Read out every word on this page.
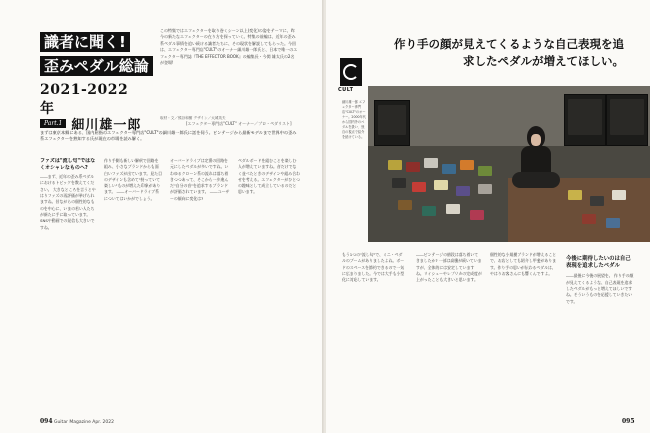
識者に聞く!
歪みペダル総論
2021-2022 年
この特集ではエフェクターを取り巻くシーン以上(変化)の姿をテーマに、昨今の新たなエフェクターの在り方を探っていく。特集の前編は、近年の歪み系ペダル事情を追い続ける識者たちに、その現状を解説してもらった。今回は、エフェクター専門店"CULT"のオーナー細川雄一郎氏と、日本で唯一のエフェクター専門誌『THE EFFECTOR BOOK』の編集長・今関 雄太氏の2名が登場!
取材・文／熊谷和樹 デザイン／大城英夫
Part.1 細川雄一郎	[エフェクター専門店"CULT" オーナー／プロ・ペダリスト]
まずは東京本郷にある、国内屈指のエフェクター専門店"CULT"の細川雄一郎氏に話を伺う。ビンテージから最新モデルまで世界中の歪み系エフェクターを熟知する氏が現在の市場を読み解く。
ファズは"流し匂"ではなくオシャレなものへ?

――まず、近年の歪み系ペダルにおけるトピックを教えてください。 大きなところを言うとやはりファズの再評価が挙げられますね。昔ながらの個性的なものを中心に、いまの若い人たちが新たに手に取っています。SNSや動画での発信も大きいですね。

作り手側も新しい解釈で回路を組み、小さなブランドからも面白いファズが出ています。見た目のデザインも含めて"持っていて楽しい"ものが増えた印象があります。 ――オーバードライブ系についてはいかがでしょう。

オーバードライブは定番の回路を元にしたペダルが多いですね。いわゆるクローン系の流れは落ち着きつつあって、そこから一歩進んだ"自分の音"を追求するブランドが評価されています。 ――ユーザーの傾向に変化は?

ペダルボードを組むことを楽しむ人が増えていますね。音だけでなく並べたときのデザインや組み合わせを考える。エフェクターがひとつの趣味として成立しているのだと思います。

094 Guitar Magazine Apr. 2022
作り手の顔が見えてくるような自己表現を追求したペダルが増えてほしい。
CULT
細川雄一郎 エフェクター専門店"CULT"のオーナー。2000年代から国内外のペダルを扱い、独自の視点で紹介を続けている。

もう1つの"流し匂"で、ミニ・ペダルのブームがありましたよね。ボードのスペースを節約できるので一気に広まりました。今では大手も小型化に対応しています。

――ビンテージの値段は落ち着いてきましたか? 一部は高騰が続いていますが、全体的には安定していますね。リイシューやレプリカの完成度が上がったことも大きいと思います。

個性的な小規模ブランドが増えることで、お店としても紹介し甲斐があります。作り手の思いが伝わるペダルは、やはりお客さんにも響くんですよ。

今後に期待したいのは自己表現を追求したペダル

――最後に今後の展望を。 作り手の顔が見えてくるような、自己表現を追求したペダルがもっと増えてほしいですね。そういうものを応援していきたいです。

095
